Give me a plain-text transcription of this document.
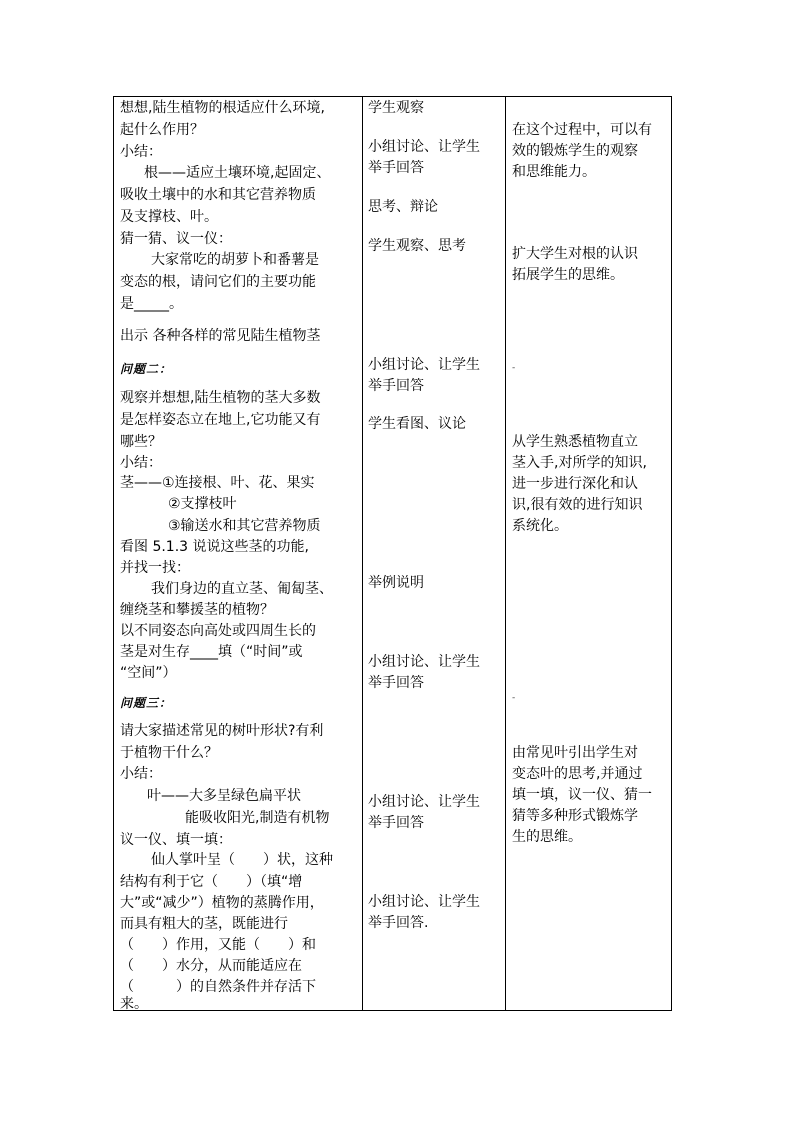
想想,陆生植物的根适应什么环境,
起什么作用？
小结：
根——适应土壤环境,起固定、
吸收土壤中的水和其它营养物质
及支撑枝、叶。
猜一猜、议一仪：
大家常吃的胡萝卜和番薯是
变态的根，请问它们的主要功能
是_____。
出示 各种各样的常见陆生植物茎
问题二：
观察并想想,陆生植物的茎大多数
是怎样姿态立在地上,它功能又有
哪些？
小结：
茎——①连接根、叶、花、果实
②支撑枝叶
③输送水和其它营养物质
看图 5.1.3 说说这些茎的功能,
并找一找：
我们身边的直立茎、匍匐茎、
缠绕茎和攀援茎的植物？
以不同姿态向高处或四周生长的
茎是对生存____填（“时间”或
“空间”）
问题三：
请大家描述常见的树叶形状?有利
于植物干什么？
小结：
叶——大多呈绿色扁平状
能吸收阳光,制造有机物
议一仪、填一填：
仙人掌叶呈（　　）状，这种
结构有利于它（　　）（填“增
大”或“减少”）植物的蒸腾作用，
而具有粗大的茎，既能进行
（　　）作用，又能（　　）和
（　　）水分，从而能适应在
（　　　）的自然条件并存活下
来。
学生观察
小组讨论、让学生
举手回答
思考、辩论
学生观察、思考
小组讨论、让学生
举手回答
学生看图、议论
举例说明
小组讨论、让学生
举手回答
小组讨论、让学生
举手回答
小组讨论、让学生
举手回答.
在这个过程中，可以有
效的锻炼学生的观察
和思维能力。
扩大学生对根的认识
拓展学生的思维。
-
从学生熟悉植物直立
茎入手,对所学的知识,
进一步进行深化和认
识,很有效的进行知识
系统化。
-
由常见叶引出学生对
变态叶的思考,并通过
填一填，议一仪、猜一
猜等多种形式锻炼学
生的思维。
